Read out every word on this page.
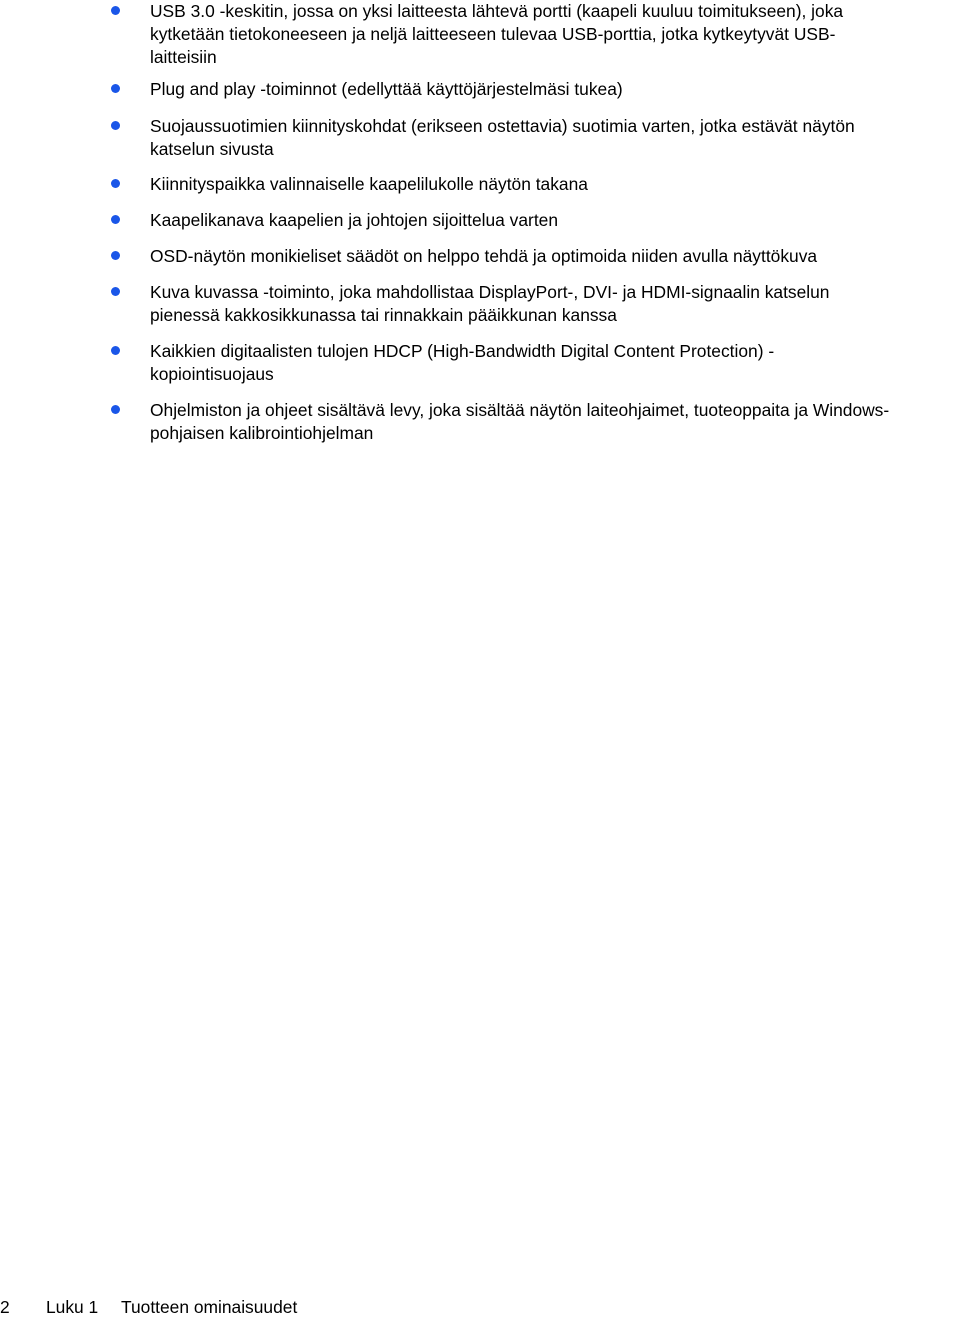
USB 3.0 -keskitin, jossa on yksi laitteesta lähtevä portti (kaapeli kuuluu toimitukseen), joka
kytketään tietokoneeseen ja neljä laitteeseen tulevaa USB-porttia, jotka kytkeytyvät USB-
laitteisiin
Plug and play -toiminnot (edellyttää käyttöjärjestelmäsi tukea)
Suojaussuotimien kiinnityskohdat (erikseen ostettavia) suotimia varten, jotka estävät näytön
katselun sivusta
Kiinnityspaikka valinnaiselle kaapelilukolle näytön takana
Kaapelikanava kaapelien ja johtojen sijoittelua varten
OSD-näytön monikieliset säädöt on helppo tehdä ja optimoida niiden avulla näyttökuva
Kuva kuvassa -toiminto, joka mahdollistaa DisplayPort-, DVI- ja HDMI-signaalin katselun
pienessä kakkosikkunassa tai rinnakkain pääikkunan kanssa
Kaikkien digitaalisten tulojen HDCP (High-Bandwidth Digital Content Protection) -
kopiointisuojaus
Ohjelmiston ja ohjeet sisältävä levy, joka sisältää näytön laiteohjaimet, tuoteoppaita ja Windows-
pohjaisen kalibrointiohjelman
2 Luku 1 Tuotteen ominaisuudet
